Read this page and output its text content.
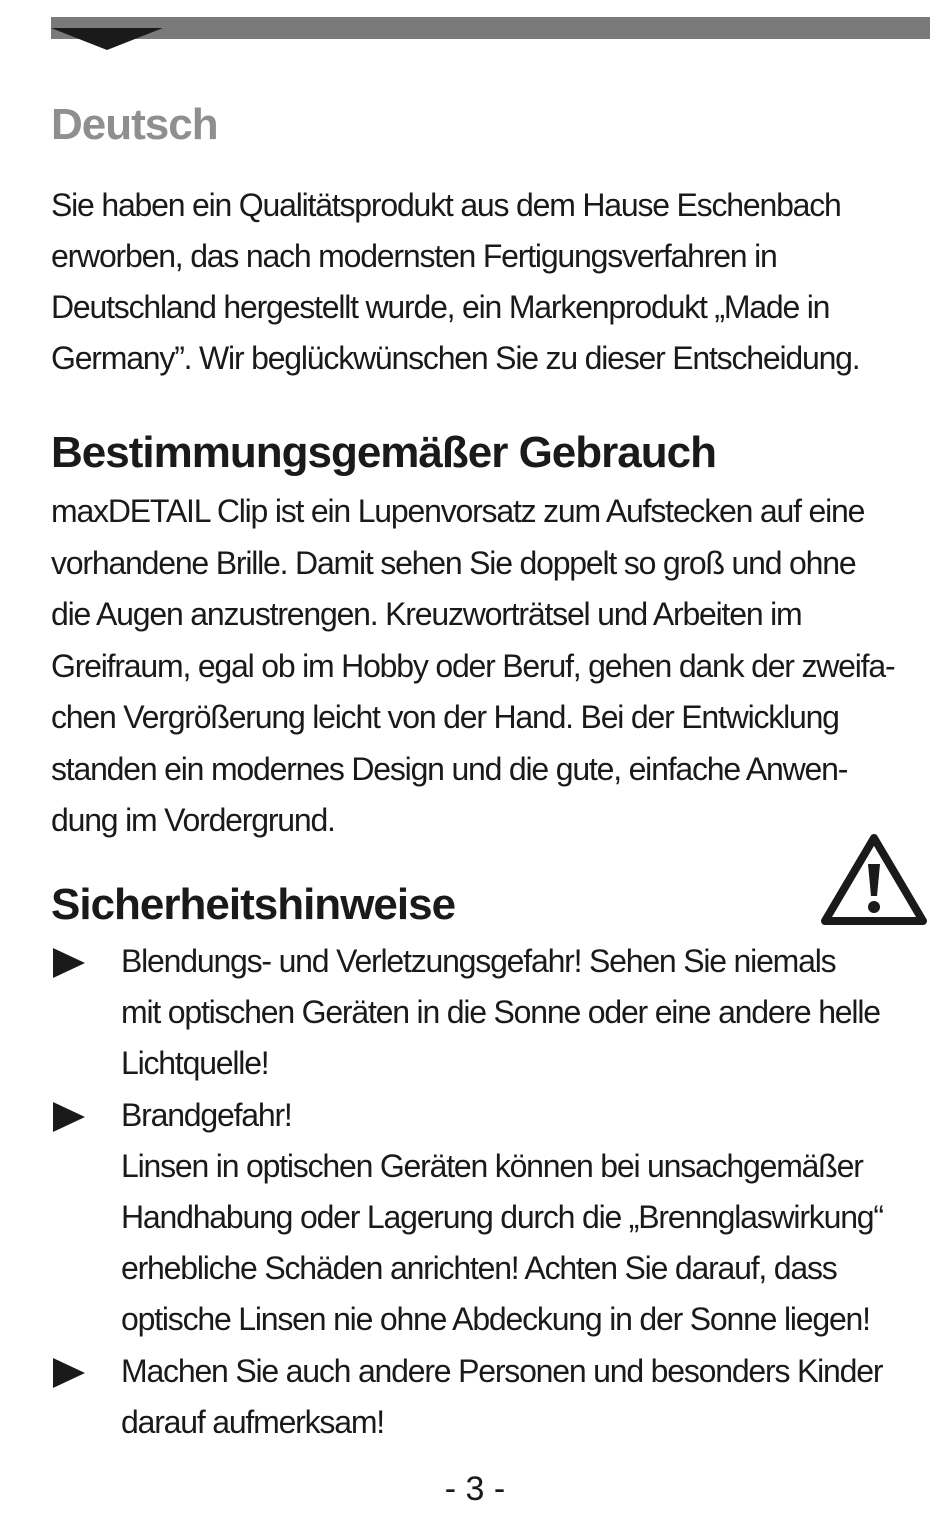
Deutsch
Sie haben ein Qualitätsprodukt aus dem Hause Eschenbach
erworben, das nach modernsten Fertigungsverfahren in
Deutschland hergestellt wurde, ein Markenprodukt „Made in
Germany”. Wir beglückwünschen Sie zu dieser Entscheidung.
Bestimmungsgemäßer Gebrauch
maxDETAIL Clip ist ein Lupenvorsatz zum Aufstecken auf eine
vorhandene Brille. Damit sehen Sie doppelt so groß und ohne
die Augen anzustrengen. Kreuzworträtsel und Arbeiten im
Greifraum, egal ob im Hobby oder Beruf, gehen dank der zweifa-
chen Vergrößerung leicht von der Hand. Bei der Entwicklung
standen ein modernes Design und die gute, einfache Anwen-
dung im Vordergrund.
Sicherheitshinweise
Blendungs- und Verletzungsgefahr! Sehen Sie niemals
mit optischen Geräten in die Sonne oder eine andere helle
Lichtquelle!
Brandgefahr!
Linsen in optischen Geräten können bei unsachgemäßer
Handhabung oder Lagerung durch die „Brennglaswirkung“
erhebliche Schäden anrichten! Achten Sie darauf, dass
optische Linsen nie ohne Abdeckung in der Sonne liegen!
Machen Sie auch andere Personen und besonders Kinder
darauf aufmerksam!
- 3 -
